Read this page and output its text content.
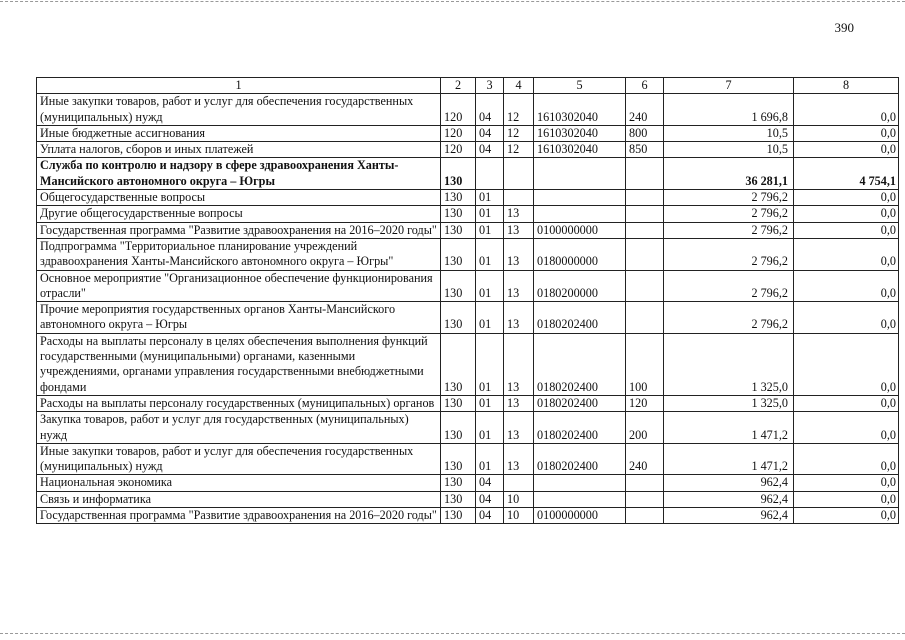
390
1	2	3	4	5	6	7	8
Иные закупки товаров, работ и услуг для обеспечения государственных (муниципальных) нужд	120	04	12	1610302040	240	1 696,8	0,0
Иные бюджетные ассигнования	120	04	12	1610302040	800	10,5	0,0
Уплата налогов, сборов и иных платежей	120	04	12	1610302040	850	10,5	0,0
Служба по контролю и надзору в сфере здравоохранения Ханты-Мансийского автономного округа – Югры	130					36 281,1	4 754,1
Общегосударственные вопросы	130	01				2 796,2	0,0
Другие общегосударственные вопросы	130	01	13			2 796,2	0,0
Государственная программа "Развитие здравоохранения на 2016–2020 годы"	130	01	13	0100000000		2 796,2	0,0
Подпрограмма "Территориальное планирование учреждений здравоохранения Ханты-Мансийского автономного округа – Югры"	130	01	13	0180000000		2 796,2	0,0
Основное мероприятие "Организационное обеспечение функционирования отрасли"	130	01	13	0180200000		2 796,2	0,0
Прочие мероприятия государственных органов Ханты-Мансийского автономного округа – Югры	130	01	13	0180202400		2 796,2	0,0
Расходы на выплаты персоналу в целях обеспечения выполнения функций государственными (муниципальными) органами, казенными учреждениями, органами управления государственными внебюджетными фондами	130	01	13	0180202400	100	1 325,0	0,0
Расходы на выплаты персоналу государственных (муниципальных) органов	130	01	13	0180202400	120	1 325,0	0,0
Закупка товаров, работ и услуг для государственных (муниципальных) нужд	130	01	13	0180202400	200	1 471,2	0,0
Иные закупки товаров, работ и услуг для обеспечения государственных (муниципальных) нужд	130	01	13	0180202400	240	1 471,2	0,0
Национальная экономика	130	04				962,4	0,0
Связь и информатика	130	04	10			962,4	0,0
Государственная программа "Развитие здравоохранения на 2016–2020 годы"	130	04	10	0100000000		962,4	0,0
